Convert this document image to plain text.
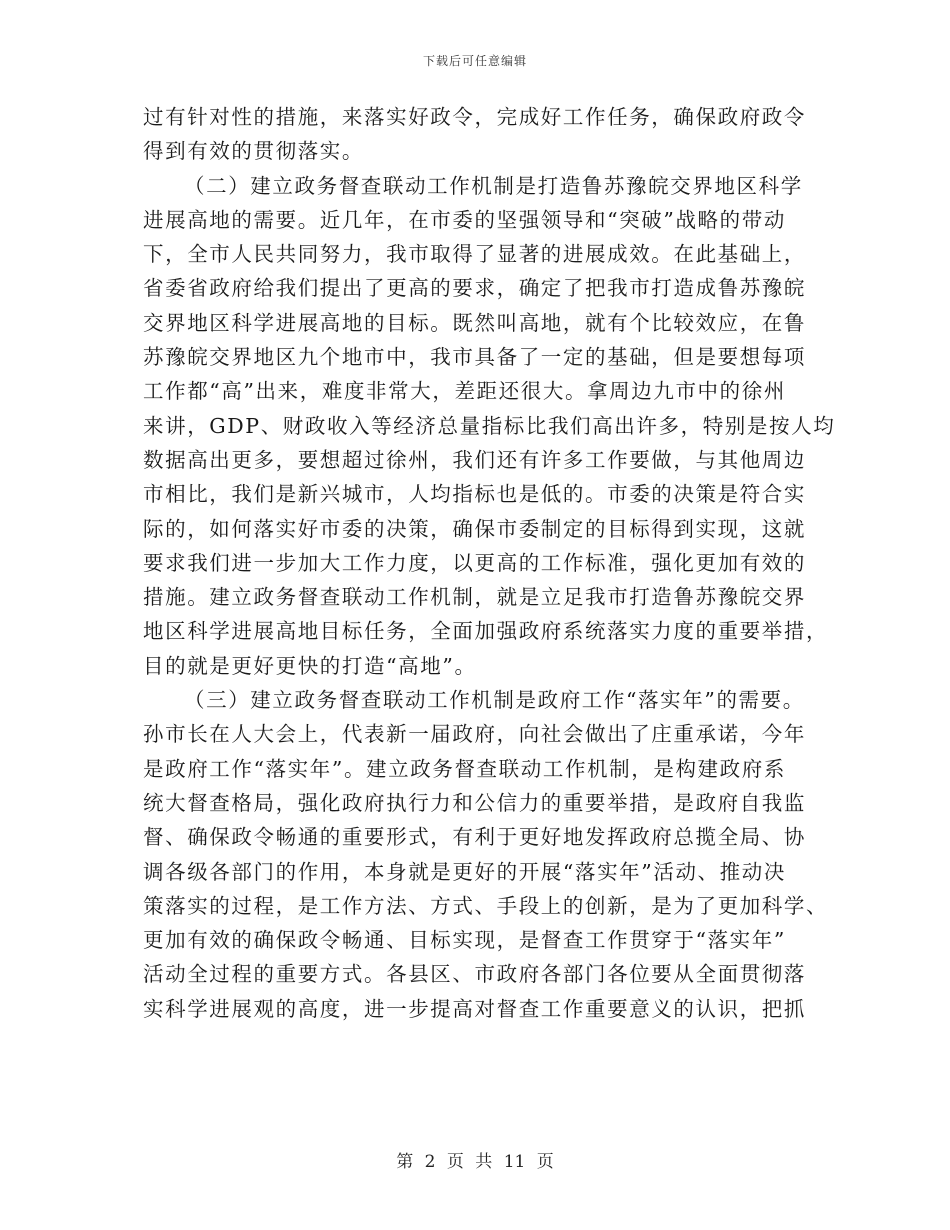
下载后可任意编辑
过有针对性的措施，来落实好政令，完成好工作任务，确保政府政令
得到有效的贯彻落实。
（二）建立政务督查联动工作机制是打造鲁苏豫皖交界地区科学
进展高地的需要。近几年，在市委的坚强领导和“突破”战略的带动
下，全市人民共同努力，我市取得了显著的进展成效。在此基础上，
省委省政府给我们提出了更高的要求，确定了把我市打造成鲁苏豫皖
交界地区科学进展高地的目标。既然叫高地，就有个比较效应，在鲁
苏豫皖交界地区九个地市中，我市具备了一定的基础，但是要想每项
工作都“高”出来，难度非常大，差距还很大。拿周边九市中的徐州
来讲，GDP、财政收入等经济总量指标比我们高出许多，特别是按人均
数据高出更多，要想超过徐州，我们还有许多工作要做，与其他周边
市相比，我们是新兴城市，人均指标也是低的。市委的决策是符合实
际的，如何落实好市委的决策，确保市委制定的目标得到实现，这就
要求我们进一步加大工作力度，以更高的工作标准，强化更加有效的
措施。建立政务督查联动工作机制，就是立足我市打造鲁苏豫皖交界
地区科学进展高地目标任务，全面加强政府系统落实力度的重要举措，
目的就是更好更快的打造“高地”。
（三）建立政务督查联动工作机制是政府工作“落实年”的需要。
孙市长在人大会上，代表新一届政府，向社会做出了庄重承诺，今年
是政府工作“落实年”。建立政务督查联动工作机制，是构建政府系
统大督查格局，强化政府执行力和公信力的重要举措，是政府自我监
督、确保政令畅通的重要形式，有利于更好地发挥政府总揽全局、协
调各级各部门的作用，本身就是更好的开展“落实年”活动、推动决
策落实的过程，是工作方法、方式、手段上的创新，是为了更加科学、
更加有效的确保政令畅通、目标实现，是督查工作贯穿于“落实年”
活动全过程的重要方式。各县区、市政府各部门各位要从全面贯彻落
实科学进展观的高度，进一步提高对督查工作重要意义的认识，把抓
第 2 页 共 11 页
